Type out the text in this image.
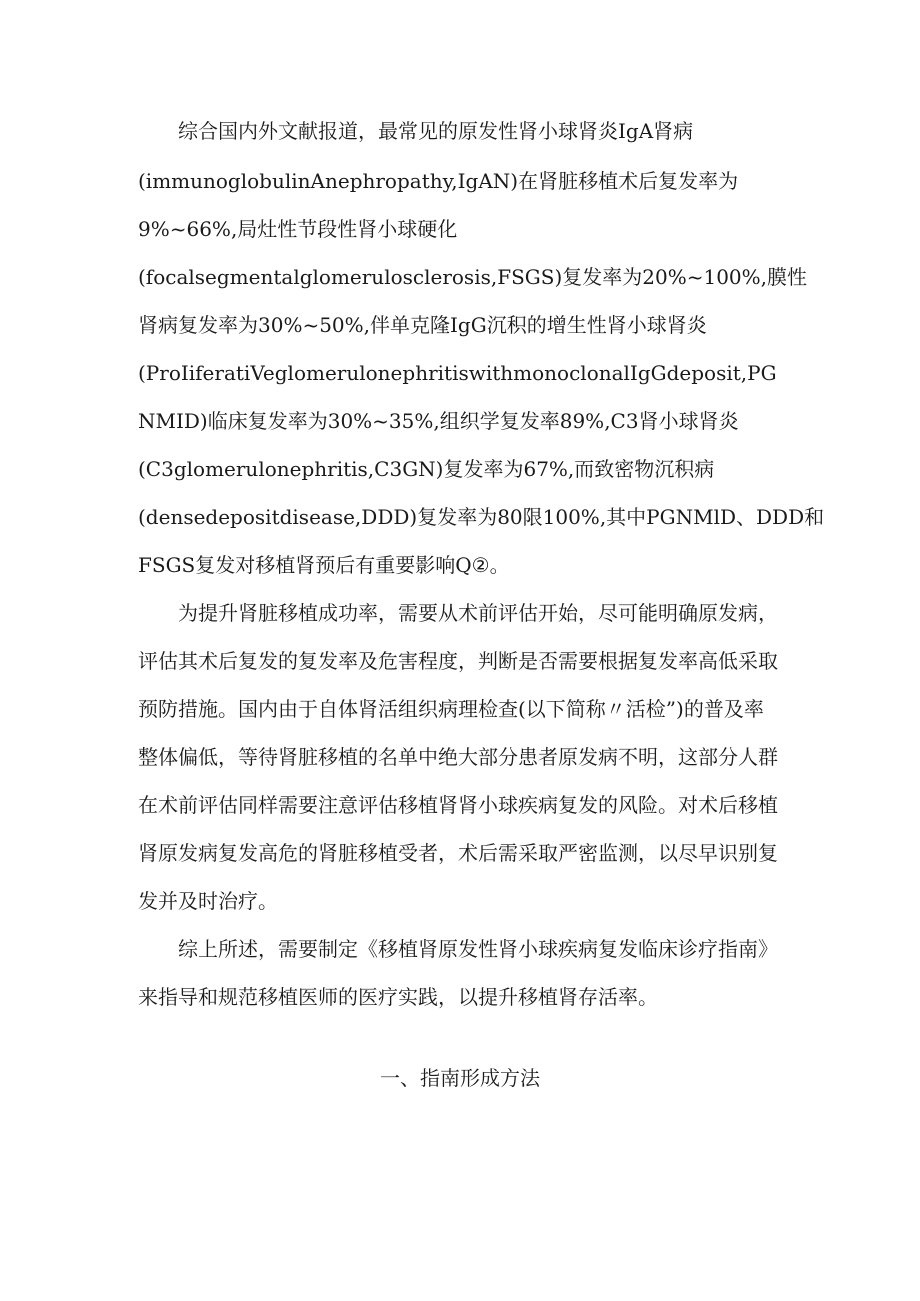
综合国内外文献报道，最常见的原发性肾小球肾炎IgA肾病
(immunoglobulinAnephropathy,IgAN)在肾脏移植术后复发率为
9%~66%,局灶性节段性肾小球硬化
(focalsegmentalglomerulosclerosis,FSGS)复发率为20%~100%,膜性
肾病复发率为30%~50%,伴单克隆IgG沉积的增生性肾小球肾炎
(ProIiferatiVeglomerulonephritiswithmonoclonalIgGdeposit,PG
NMID)临床复发率为30%~35%,组织学复发率89%,C3肾小球肾炎
(C3glomerulonephritis,C3GN)复发率为67%,而致密物沉积病
(densedepositdisease,DDD)复发率为80限100%,其中PGNMlD、DDD和
FSGS复发对移植肾预后有重要影响Q②。
为提升肾脏移植成功率，需要从术前评估开始，尽可能明确原发病，
评估其术后复发的复发率及危害程度，判断是否需要根据复发率高低采取
预防措施。国内由于自体肾活组织病理检查(以下简称〃活检”)的普及率
整体偏低，等待肾脏移植的名单中绝大部分患者原发病不明，这部分人群
在术前评估同样需要注意评估移植肾肾小球疾病复发的风险。对术后移植
肾原发病复发高危的肾脏移植受者，术后需采取严密监测，以尽早识别复
发并及时治疗。
综上所述，需要制定《移植肾原发性肾小球疾病复发临床诊疗指南》
来指导和规范移植医师的医疗实践，以提升移植肾存活率。
一、指南形成方法
